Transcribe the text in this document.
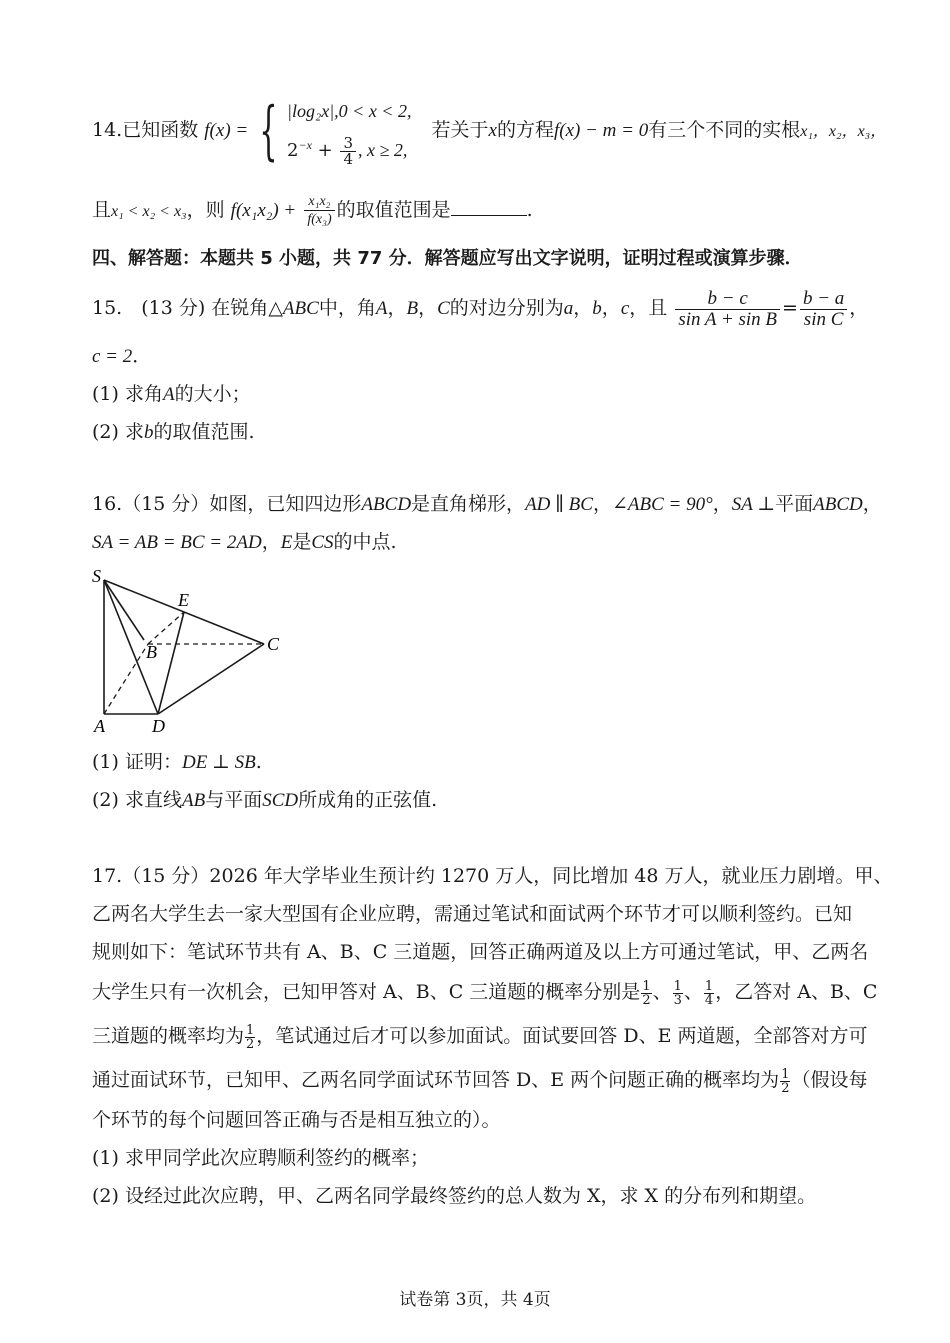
14.已知函数 f(x) = { |log₂x|,0 < x < 2,
$2^{-x} + \frac{3}{4}$ , x ≥ 2,
若关于x的方程f(x) − m = 0有三个不同的实根x₁，x₂，x₃，
且x₁ < x₂ < x₃，则 $f(x_1x_2) + \frac{\text{x₁x₂}}{\text{f(x₃)}}$ 的取值范围是	.
四、解答题：本题共 5 小题，共 77 分．解答题应写出文字说明，证明过程或演算步骤．
15.　(13 分) 在锐角△ABC中，角A，B，C的对边分别为a，b，c，且 $\frac{b - c}{\text{sin A + sin B}} = \frac{b - a}{\text{sin C}}$ ，
c = 2．
(1) 求角A的大小；
(2) 求b的取值范围.
16.（15 分）如图，已知四边形ABCD是直角梯形，AD ∥ BC，∠ABC = 90°，SA ⊥平面ABCD，
SA = AB = BC = 2AD，E是CS的中点.
S
E
B	C
A	D
(1) 证明：DE ⊥ SB.
(2) 求直线AB与平面SCD所成角的正弦值.
17.（15 分）2026 年大学毕业生预计约 1270 万人，同比增加 48 万人，就业压力剧增。甲、
乙两名大学生去一家大型国有企业应聘，需通过笔试和面试两个环节才可以顺利签约。已知
规则如下：笔试环节共有 A、B、C 三道题，回答正确两道及以上方可通过笔试，甲、乙两名
大学生只有一次机会，已知甲答对 A、B、C 三道题的概率分别是 $\frac{1}{2}$ 、 $\frac{1}{3}$ 、 $\frac{1}{4}$ ，乙答对 A、B、C
三道题的概率均为 $\frac{1}{2}$ ，笔试通过后才可以参加面试。面试要回答 D、E 两道题，全部答对方可
通过面试环节，已知甲、乙两名同学面试环节回答 D、E 两个问题正确的概率均为 $\frac{1}{2}$ （假设每
个环节的每个问题回答正确与否是相互独立的）。
(1) 求甲同学此次应聘顺利签约的概率；
(2) 设经过此次应聘，甲、乙两名同学最终签约的总人数为 X，求 X 的分布列和期望。
试卷第 3页，共 4页
